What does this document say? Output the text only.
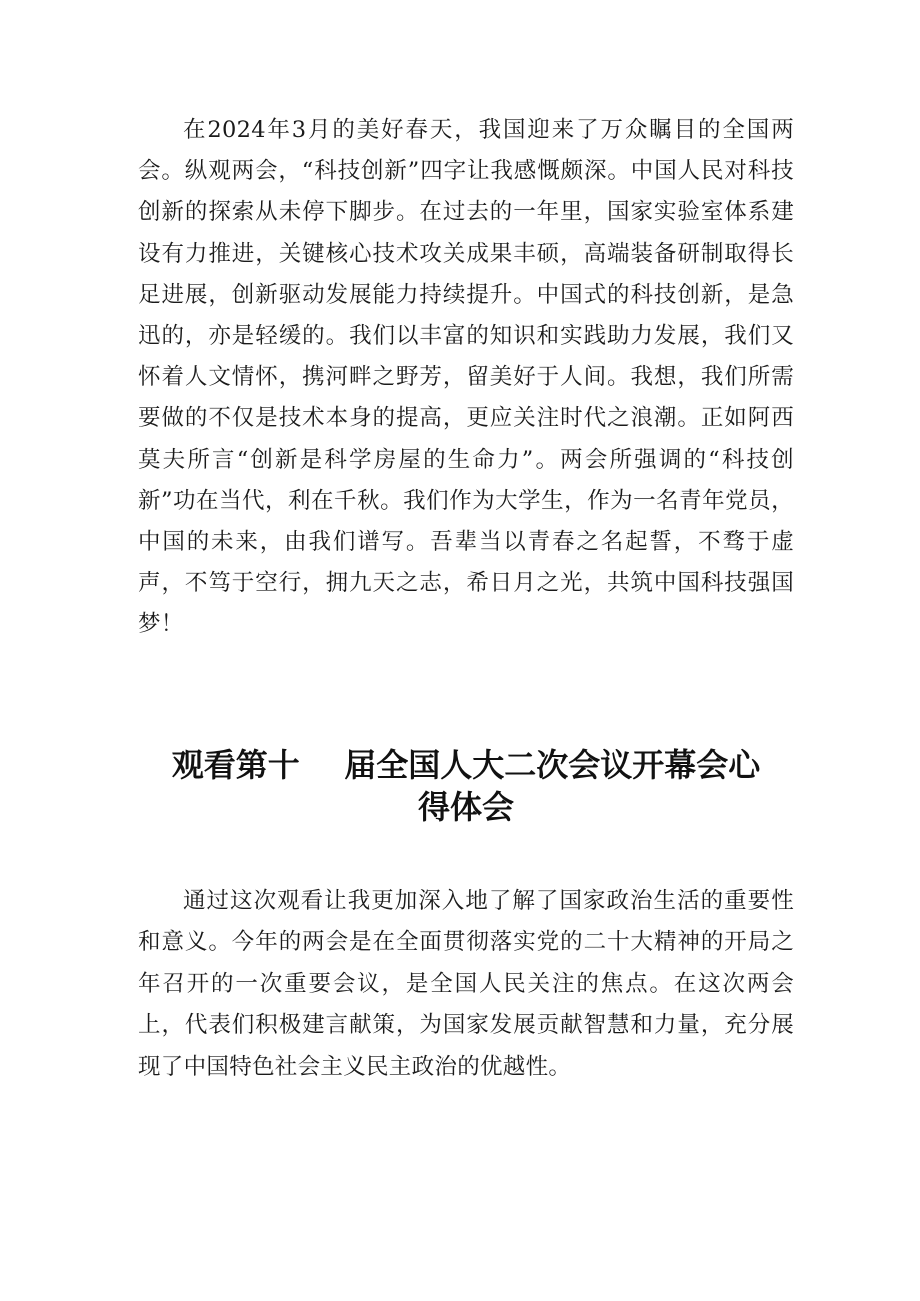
在2024年3月的美好春天，我国迎来了万众瞩目的全国两会。纵观两会，“科技创新”四字让我感慨颇深。中国人民对科技创新的探索从未停下脚步。在过去的一年里，国家实验室体系建设有力推进，关键核心技术攻关成果丰硕，高端装备研制取得长足进展，创新驱动发展能力持续提升。中国式的科技创新，是急迅的，亦是轻缓的。我们以丰富的知识和实践助力发展，我们又怀着人文情怀，携河畔之野芳，留美好于人间。我想，我们所需要做的不仅是技术本身的提高，更应关注时代之浪潮。正如阿西莫夫所言“创新是科学房屋的生命力”。两会所强调的“科技创新”功在当代，利在千秋。我们作为大学生，作为一名青年党员，中国的未来，由我们谱写。吾辈当以青春之名起誓，不骛于虚声，不笃于空行，拥九天之志，希日月之光，共筑中国科技强国梦！

观看第十    届全国人大二次会议开幕会心
得体会

通过这次观看让我更加深入地了解了国家政治生活的重要性和意义。今年的两会是在全面贯彻落实党的二十大精神的开局之年召开的一次重要会议，是全国人民关注的焦点。在这次两会上，代表们积极建言献策，为国家发展贡献智慧和力量，充分展现了中国特色社会主义民主政治的优越性。
